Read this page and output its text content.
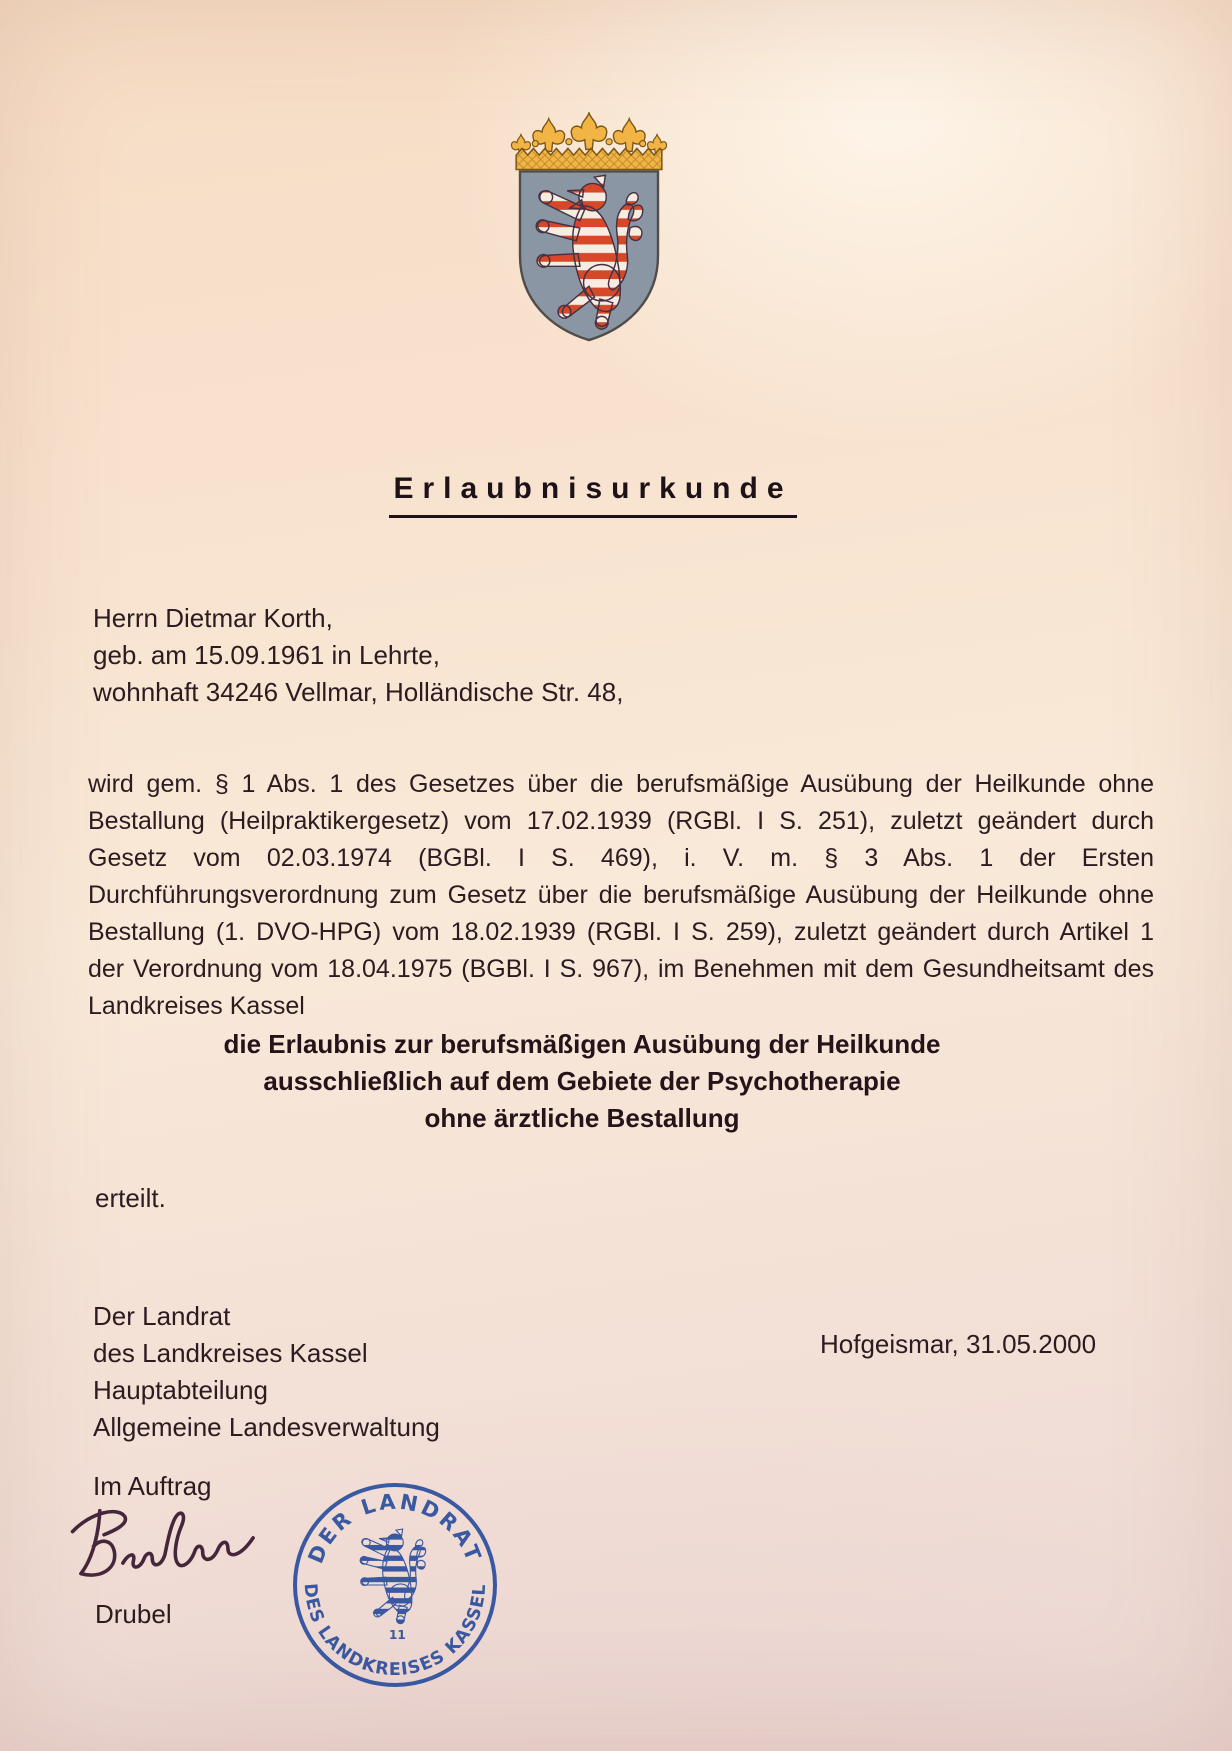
Erlaubnisurkunde
Herrn Dietmar Korth,
geb. am 15.09.1961 in Lehrte,
wohnhaft 34246 Vellmar, Holländische Str. 48,
wird gem. § 1 Abs. 1 des Gesetzes über die berufsmäßige Ausübung der Heilkunde ohne
Bestallung (Heilpraktikergesetz) vom 17.02.1939 (RGBl. I S. 251), zuletzt geändert durch
Gesetz vom 02.03.1974 (BGBl. I S. 469), i. V. m. § 3 Abs. 1 der Ersten
Durchführungsverordnung zum Gesetz über die berufsmäßige Ausübung der Heilkunde ohne
Bestallung (1. DVO-HPG) vom 18.02.1939 (RGBl. I S. 259), zuletzt geändert durch Artikel 1
der Verordnung vom 18.04.1975 (BGBl. I S. 967), im Benehmen mit dem Gesundheitsamt des
Landkreises Kassel
die Erlaubnis zur berufsmäßigen Ausübung der Heilkunde
ausschließlich auf dem Gebiete der Psychotherapie
ohne ärztliche Bestallung
erteilt.
Der Landrat
des Landkreises Kassel
Hauptabteilung
Allgemeine Landesverwaltung
Hofgeismar, 31.05.2000
Im Auftrag
Drubel
DER LANDRAT
DES LANDKREISES KASSEL
11
